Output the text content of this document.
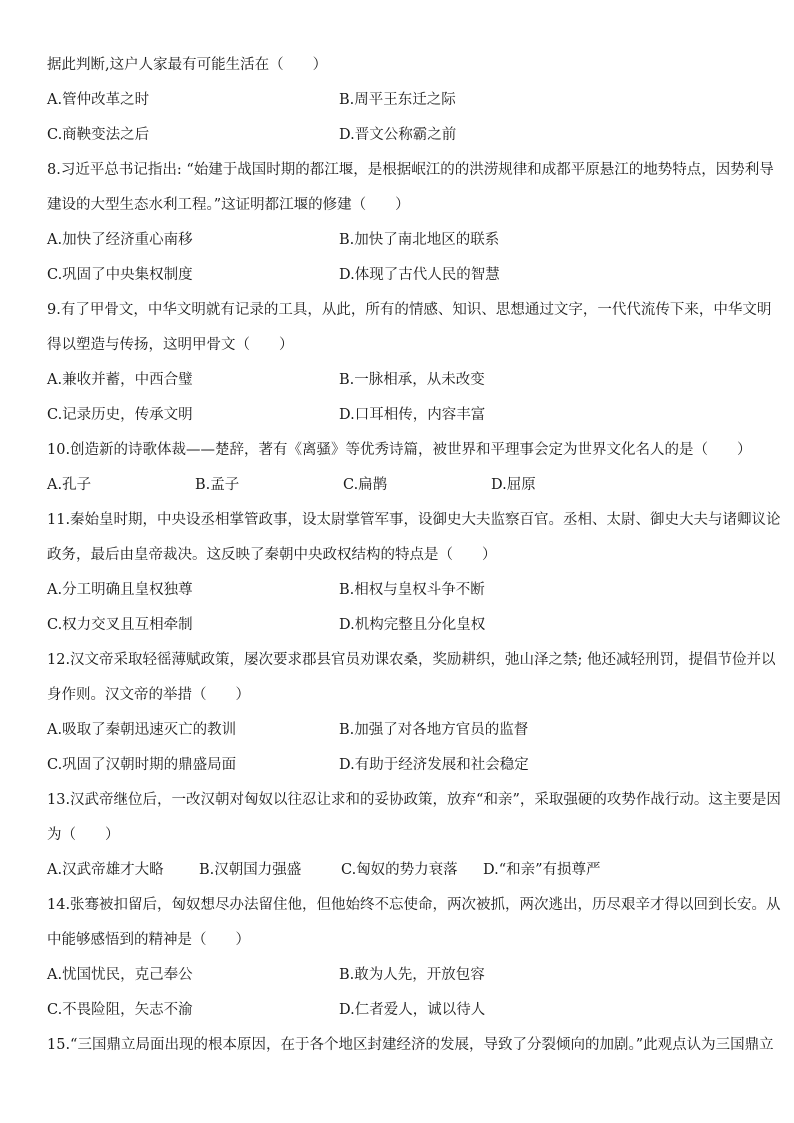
据此判断,这户人家最有可能生活在（　　）

A.管仲改革之时	B.周平王东迁之际
C.商鞅变法之后	D.晋文公称霸之前

8.习近平总书记指出: “始建于战国时期的都江堰，是根据岷江的的洪涝规律和成都平原悬江的地势特点，因势利导

建设的大型生态水利工程。”这证明都江堰的修建（　　）

A.加快了经济重心南移	B.加快了南北地区的联系
C.巩固了中央集权制度	D.体现了古代人民的智慧

9.有了甲骨文，中华文明就有记录的工具，从此，所有的情感、知识、思想通过文字，一代代流传下来，中华文明

得以塑造与传扬，这明甲骨文（　　）

A.兼收并蓄，中西合璧	B.一脉相承，从未改变
C.记录历史，传承文明	D.口耳相传，内容丰富

10.创造新的诗歌体裁——楚辞，著有《离骚》等优秀诗篇，被世界和平理事会定为世界文化名人的是（　　）

A.孔子	B.孟子	C.扁鹊	D.屈原

11.秦始皇时期，中央设丞相掌管政事，设太尉掌管军事，设御史大夫监察百官。丞相、太尉、御史大夫与诸卿议论

政务，最后由皇帝裁决。这反映了秦朝中央政权结构的特点是（　　）

A.分工明确且皇权独尊	B.相权与皇权斗争不断
C.权力交叉且互相牵制	D.机构完整且分化皇权

12.汉文帝采取轻徭薄赋政策，屡次要求郡县官员劝课农桑，奖励耕织，弛山泽之禁; 他还减轻刑罚，提倡节俭并以

身作则。汉文帝的举措（　　）

A.吸取了秦朝迅速灭亡的教训	B.加强了对各地方官员的监督
C.巩固了汉朝时期的鼎盛局面	D.有助于经济发展和社会稳定

13.汉武帝继位后，一改汉朝对匈奴以往忍让求和的妥协政策，放弃“和亲”，采取强硬的攻势作战行动。这主要是因

为（　　）

A.汉武帝雄才大略	B.汉朝国力强盛	C.匈奴的势力衰落	D.“和亲”有损尊严

14.张骞被扣留后，匈奴想尽办法留住他，但他始终不忘使命，两次被抓，两次逃出，历尽艰辛才得以回到长安。从

中能够感悟到的精神是（　　）

A.忧国忧民，克己奉公	B.敢为人先，开放包容
C.不畏险阻，矢志不渝	D.仁者爱人，诚以待人

15.“三国鼎立局面出现的根本原因，在于各个地区封建经济的发展，导致了分裂倾向的加剧。”此观点认为三国鼎立
